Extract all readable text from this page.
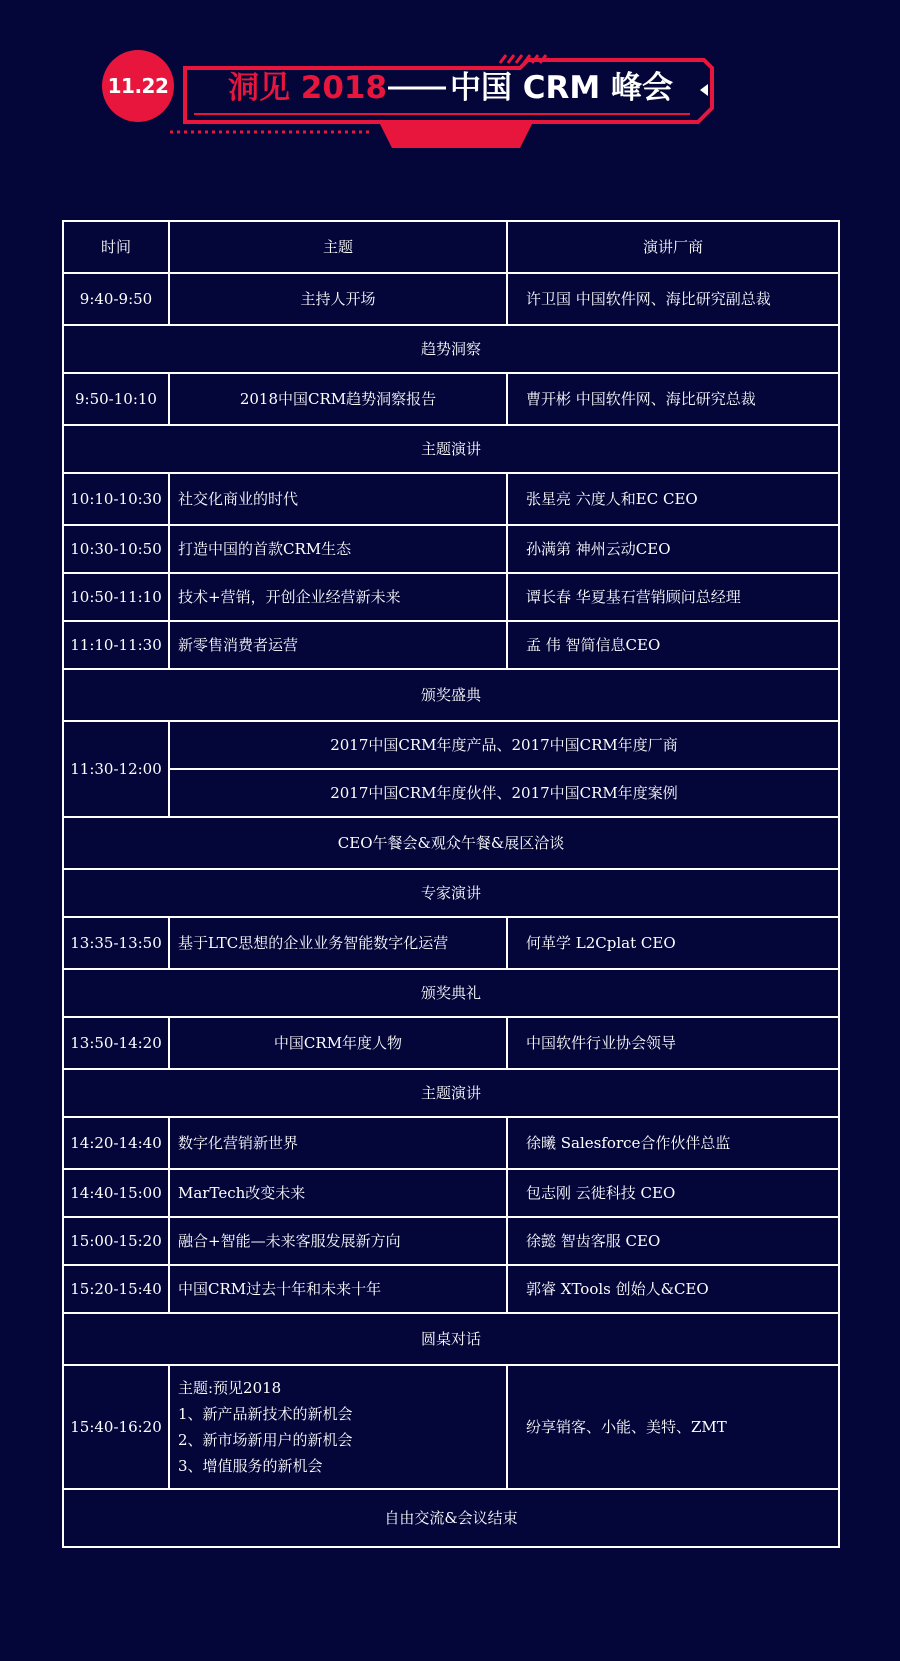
11.22 洞见 2018 中国 CRM 峰会
时间	主题	演讲厂商
9:40-9:50	主持人开场	许卫国 中国软件网、海比研究副总裁
趋势洞察		
9:50-10:10	2018中国CRM趋势洞察报告	曹开彬 中国软件网、海比研究总裁
主题演讲		
10:10-10:30	社交化商业的时代	张星亮 六度人和EC CEO
10:30-10:50	打造中国的首款CRM生态	孙满第 神州云动CEO
10:50-11:10	技术+营销，开创企业经营新未来	谭长春 华夏基石营销顾问总经理
11:10-11:30	新零售消费者运营	孟 伟 智简信息CEO
颁奖盛典		
11:30-12:00	2017中国CRM年度产品、2017中国CRM年度厂商	
	2017中国CRM年度伙伴、2017中国CRM年度案例	
CEO午餐会&观众午餐&展区洽谈		
专家演讲		
13:35-13:50	基于LTC思想的企业业务智能数字化运营	何革学 L2Cplat CEO
颁奖典礼		
13:50-14:20	中国CRM年度人物	中国软件行业协会领导
主题演讲		
14:20-14:40	数字化营销新世界	徐曦 Salesforce合作伙伴总监
14:40-15:00	MarTech改变未来	包志刚 云徙科技 CEO
15:00-15:20	融合+智能—未来客服发展新方向	徐懿 智齿客服 CEO
15:20-15:40	中国CRM过去十年和未来十年	郭睿 XTools 创始人&CEO
圆桌对话		
15:40-16:20	主题:预见2018
1、新产品新技术的新机会
2、新市场新用户的新机会
3、增值服务的新机会	纷享销客、小能、美特、ZMT
自由交流&会议结束		
